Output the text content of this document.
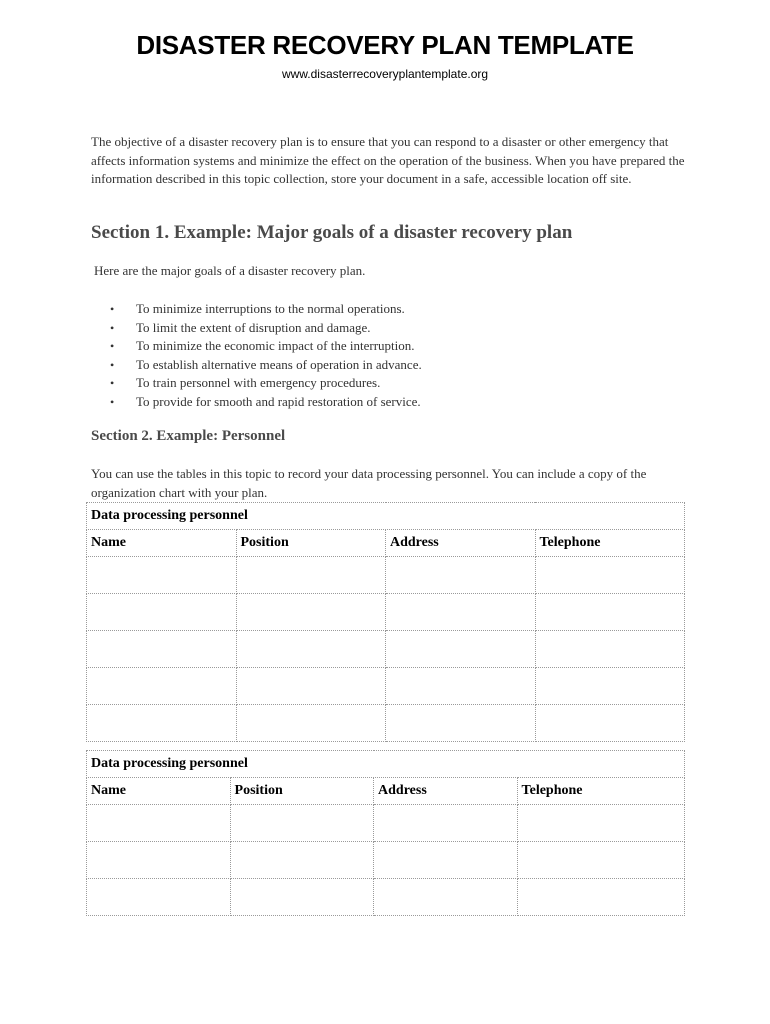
DISASTER RECOVERY PLAN TEMPLATE
www.disasterrecoveryplantemplate.org

The objective of a disaster recovery plan is to ensure that you can respond to a disaster or other emergency that affects information systems and minimize the effect on the operation of the business. When you have prepared the information described in this topic collection, store your document in a safe, accessible location off site.

Section 1. Example: Major goals of a disaster recovery plan

Here are the major goals of a disaster recovery plan.

• To minimize interruptions to the normal operations.
• To limit the extent of disruption and damage.
• To minimize the economic impact of the interruption.
• To establish alternative means of operation in advance.
• To train personnel with emergency procedures.
• To provide for smooth and rapid restoration of service.
Section 2. Example: Personnel

You can use the tables in this topic to record your data processing personnel. You can include a copy of the organization chart with your plan.

Data processing personnel			
Name	Position	Address	Telephone

Data processing personnel			
Name	Position	Address	Telephone
